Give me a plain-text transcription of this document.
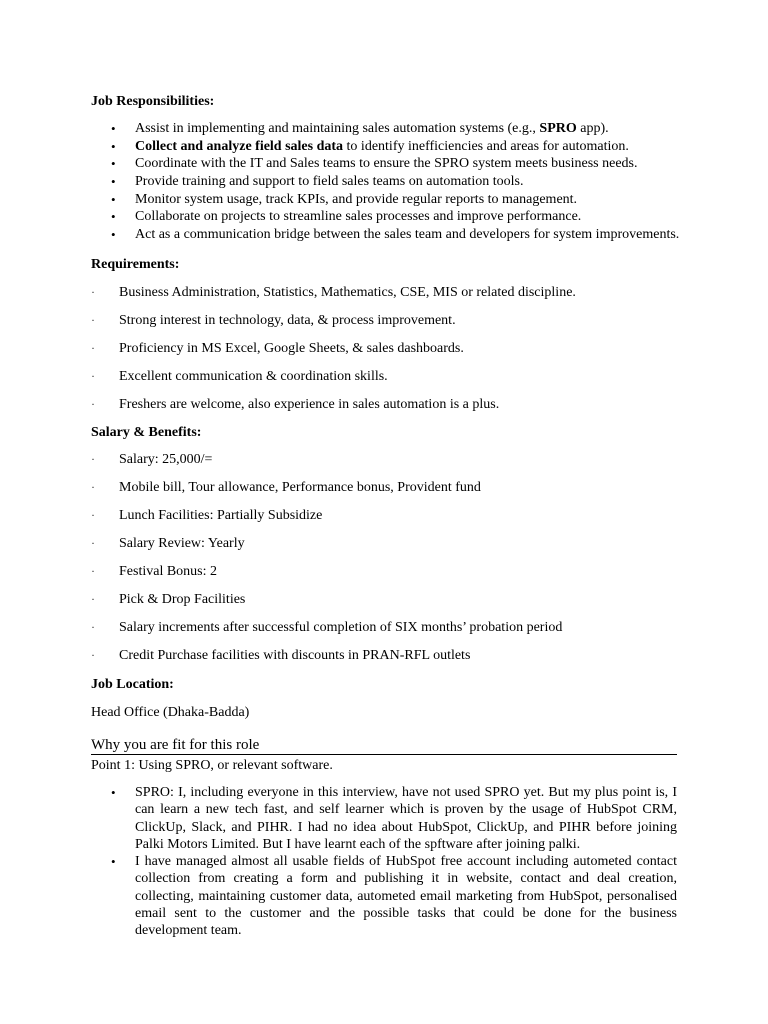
Job Responsibilities:
• Assist in implementing and maintaining sales automation systems (e.g., SPRO app).
• Collect and analyze field sales data to identify inefficiencies and areas for automation.
• Coordinate with the IT and Sales teams to ensure the SPRO system meets business needs.
• Provide training and support to field sales teams on automation tools.
• Monitor system usage, track KPIs, and provide regular reports to management.
• Collaborate on projects to streamline sales processes and improve performance.
• Act as a communication bridge between the sales team and developers for system improvements.
Requirements:
· Business Administration, Statistics, Mathematics, CSE, MIS or related discipline.
· Strong interest in technology, data, & process improvement.
· Proficiency in MS Excel, Google Sheets, & sales dashboards.
· Excellent communication & coordination skills.
· Freshers are welcome, also experience in sales automation is a plus.
Salary & Benefits:
· Salary: 25,000/=
· Mobile bill, Tour allowance, Performance bonus, Provident fund
· Lunch Facilities: Partially Subsidize
· Salary Review: Yearly
· Festival Bonus: 2
· Pick & Drop Facilities
· Salary increments after successful completion of SIX months’ probation period
· Credit Purchase facilities with discounts in PRAN-RFL outlets
Job Location:
Head Office (Dhaka-Badda)
Why you are fit for this role
Point 1: Using SPRO, or relevant software.
• SPRO: I, including everyone in this interview, have not used SPRO yet. But my plus point is, I can learn a new tech fast, and self learner which is proven by the usage of HubSpot CRM, ClickUp, Slack, and PIHR. I had no idea about HubSpot, ClickUp, and PIHR before joining Palki Motors Limited. But I have learnt each of the spftware after joining palki.
• I have managed almost all usable fields of HubSpot free account including autometed contact collection from creating a form and publishing it in website, contact and deal creation, collecting, maintaining customer data, autometed email marketing from HubSpot, personalised email sent to the customer and the possible tasks that could be done for the business development team.
